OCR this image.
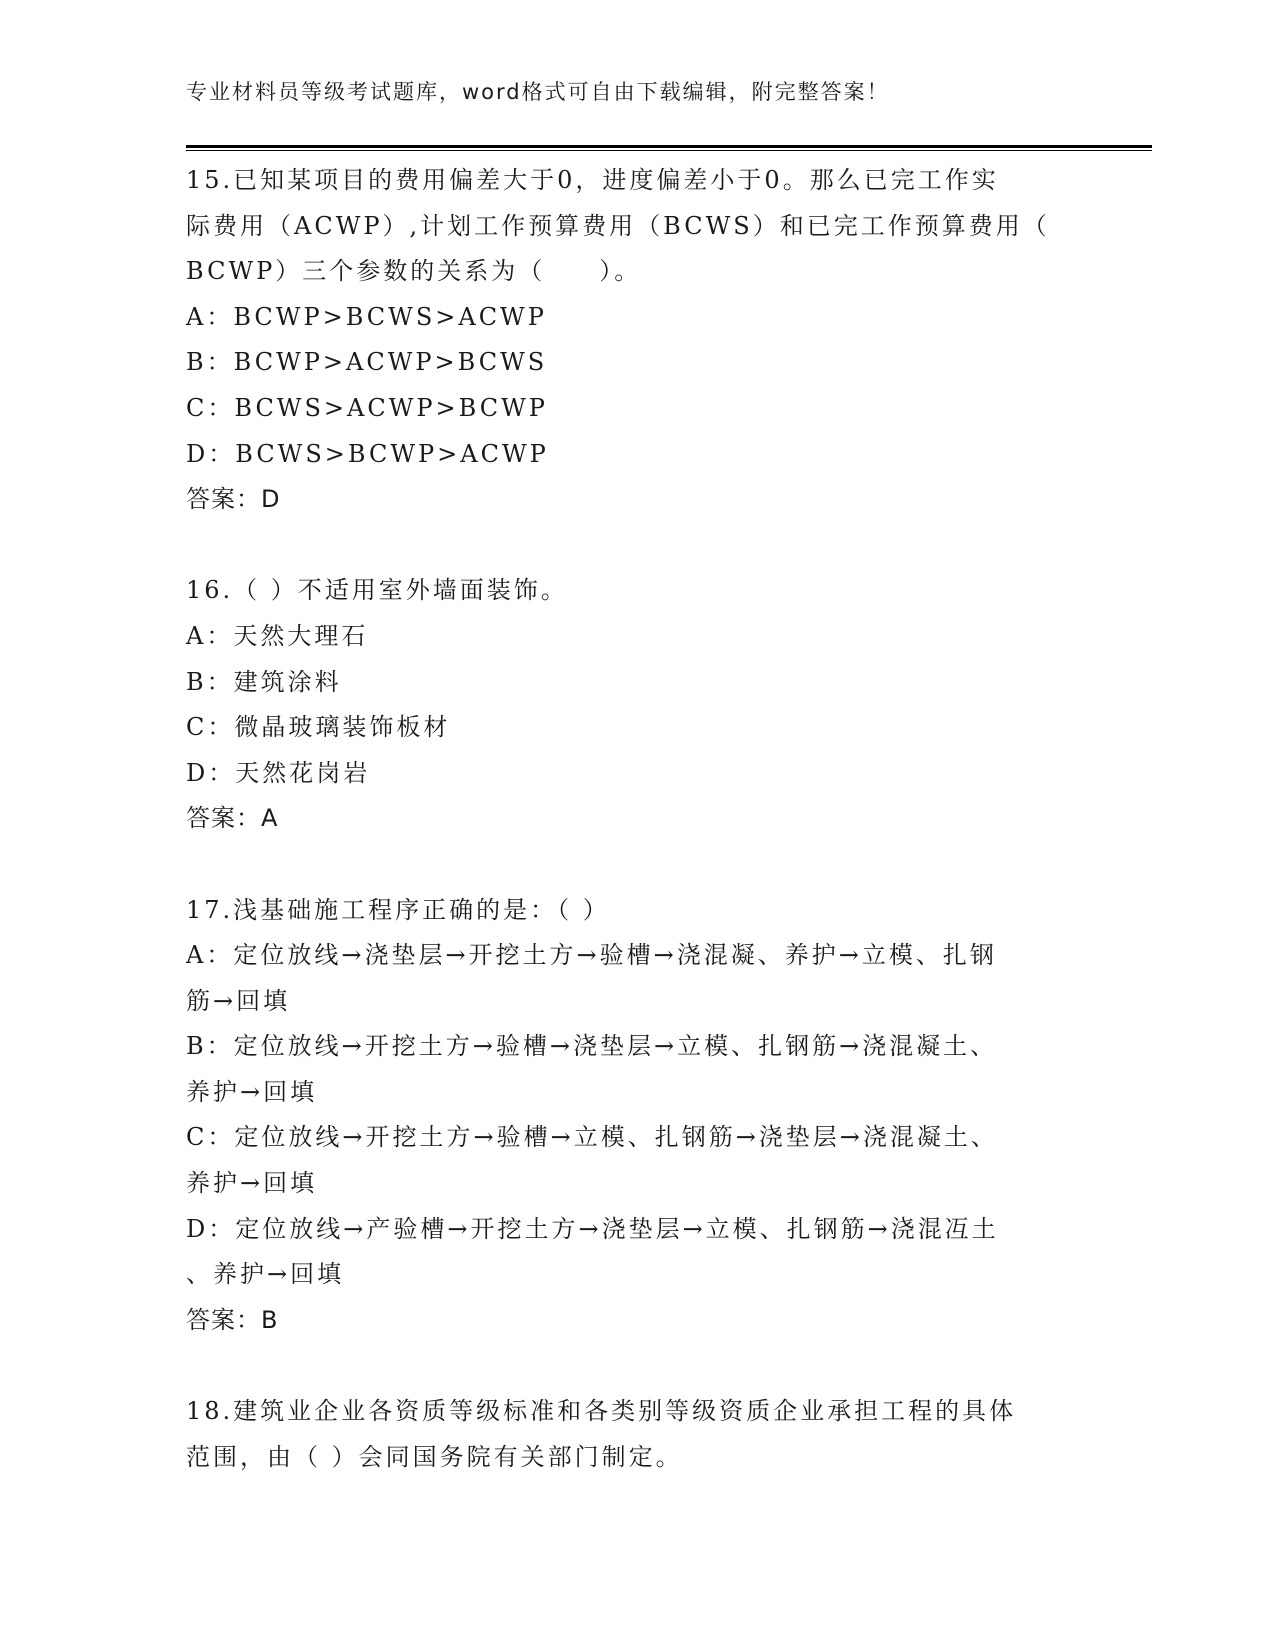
专业材料员等级考试题库，word格式可自由下载编辑，附完整答案！
15.已知某项目的费用偏差大于0，进度偏差小于0。那么已完工作实
际费用（ACWP）,计划工作预算费用（BCWS）和已完工作预算费用（
BCWP）三个参数的关系为（　　）。
A：BCWP>BCWS>ACWP
B：BCWP>ACWP>BCWS
C：BCWS>ACWP>BCWP
D：BCWS>BCWP>ACWP
答案：D
16.（ ）不适用室外墙面装饰。
A：天然大理石
B：建筑涂料
C：微晶玻璃装饰板材
D：天然花岗岩
答案：A
17.浅基础施工程序正确的是：（ ）
A：定位放线→浇垫层→开挖土方→验槽→浇混凝、养护→立模、扎钢
筋→回填
B：定位放线→开挖土方→验槽→浇垫层→立模、扎钢筋→浇混凝土、
养护→回填
C：定位放线→开挖土方→验槽→立模、扎钢筋→浇垫层→浇混凝土、
养护→回填
D：定位放线→产验槽→开挖土方→浇垫层→立模、扎钢筋→浇混冱土
、养护→回填
答案：B
18.建筑业企业各资质等级标准和各类别等级资质企业承担工程的具体
范围，由（ ）会同国务院有关部门制定。
